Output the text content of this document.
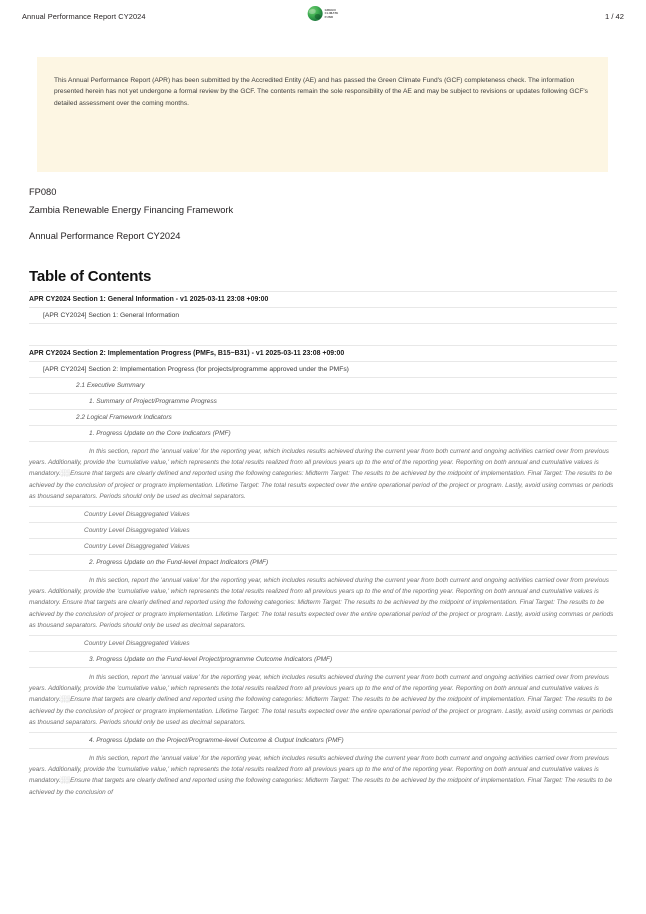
Annual Performance Report CY2024
GREEN
CLIMATE
FUND	1 / 42
This Annual Performance Report (APR) has been submitted by the Accredited Entity (AE) and has passed the Green Climate Fund's (GCF) completeness check. The information presented herein has not yet undergone a formal review by the GCF. The contents remain the sole responsibility of the AE and may be subject to revisions or updates following GCF's detailed assessment over the coming months.
FP080
Zambia Renewable Energy Financing Framework
Annual Performance Report CY2024
Table of Contents
APR CY2024 Section 1: General Information - v1 2025-03-11 23:08 +09:00
[APR CY2024] Section 1: General Information
APR CY2024 Section 2: Implementation Progress (PMFs, B15~B31) - v1 2025-03-11 23:08 +09:00
[APR CY2024] Section 2: Implementation Progress (for projects/programme approved under the PMFs)
2.1 Executive Summary
1. Summary of Project/Programme Progress
2.2 Logical Framework Indicators
1. Progress Update on the Core Indicators (PMF)
In this section, report the 'annual value' for the reporting year, which includes results achieved during the current year from both current and ongoing activities carried over from previous years. Additionally, provide the 'cumulative value,' which represents the total results realized from all previous years up to the end of the reporting year. Reporting on both annual and cumulative values is mandatory.░░Ensure that targets are clearly defined and reported using the following categories: Midterm Target: The results to be achieved by the midpoint of implementation. Final Target: The results to be achieved by the conclusion of project or program implementation. Lifetime Target: The total results expected over the entire operational period of the project or program. Lastly, avoid using commas or periods as thousand separators. Periods should only be used as decimal separators.
Country Level Disaggregated Values
Country Level Disaggregated Values
Country Level Disaggregated Values
2. Progress Update on the Fund-level Impact Indicators (PMF)
In this section, report the 'annual value' for the reporting year, which includes results achieved during the current year from both current and ongoing activities carried over from previous years. Additionally, provide the 'cumulative value,' which represents the total results realized from all previous years up to the end of the reporting year. Reporting on both annual and cumulative values is mandatory. Ensure that targets are clearly defined and reported using the following categories: Midterm Target: The results to be achieved by the midpoint of implementation. Final Target: The results to be achieved by the conclusion of project or program implementation. Lifetime Target: The total results expected over the entire operational period of the project or program. Lastly, avoid using commas or periods as thousand separators. Periods should only be used as decimal separators.
Country Level Disaggregated Values
3. Progress Update on the Fund-level Project/programme Outcome Indicators (PMF)
In this section, report the 'annual value' for the reporting year, which includes results achieved during the current year from both current and ongoing activities carried over from previous years. Additionally, provide the 'cumulative value,' which represents the total results realized from all previous years up to the end of the reporting year. Reporting on both annual and cumulative values is mandatory.░░Ensure that targets are clearly defined and reported using the following categories: Midterm Target: The results to be achieved by the midpoint of implementation. Final Target: The results to be achieved by the conclusion of project or program implementation. Lifetime Target: The total results expected over the entire operational period of the project or program. Lastly, avoid using commas or periods as thousand separators. Periods should only be used as decimal separators.
4. Progress Update on the Project/Programme-level Outcome & Output Indicators (PMF)
In this section, report the 'annual value' for the reporting year, which includes results achieved during the current year from both current and ongoing activities carried over from previous years. Additionally, provide the 'cumulative value,' which represents the total results realized from all previous years up to the end of the reporting year. Reporting on both annual and cumulative values is mandatory.░░Ensure that targets are clearly defined and reported using the following categories: Midterm Target: The results to be achieved by the midpoint of implementation. Final Target: The results to be achieved by the conclusion of
